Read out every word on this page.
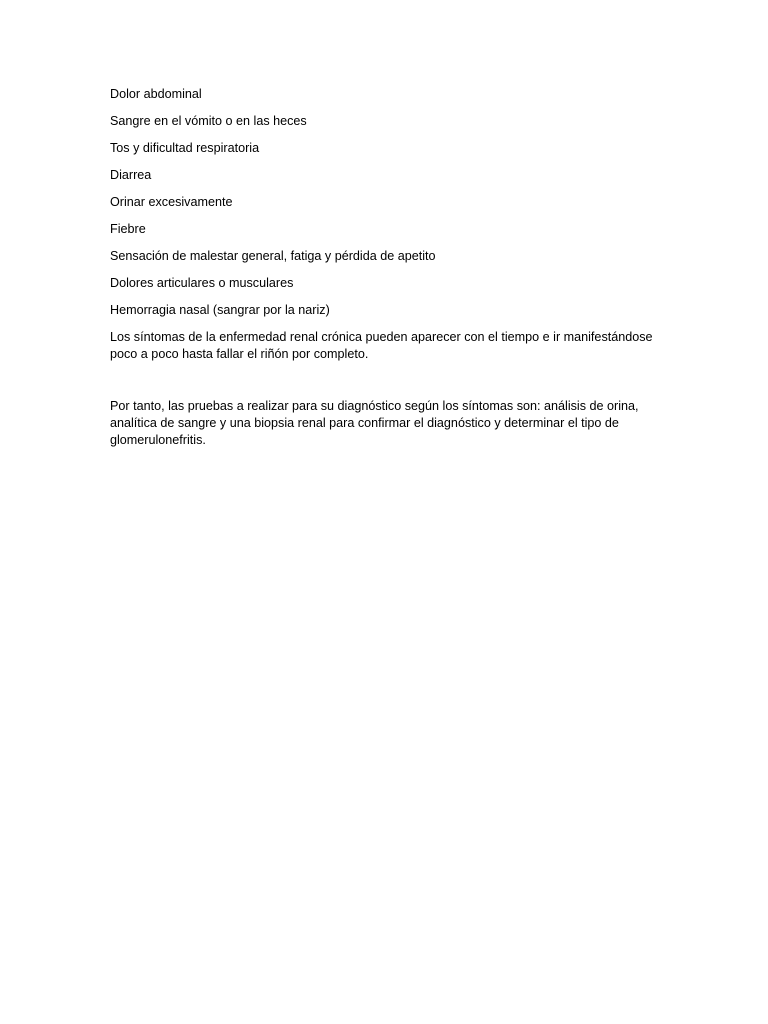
Dolor abdominal

Sangre en el vómito o en las heces

Tos y dificultad respiratoria

Diarrea

Orinar excesivamente

Fiebre

Sensación de malestar general, fatiga y pérdida de apetito

Dolores articulares o musculares

Hemorragia nasal (sangrar por la nariz)

Los síntomas de la enfermedad renal crónica pueden aparecer con el tiempo e ir manifestándose poco a poco hasta fallar el riñón por completo.

Por tanto, las pruebas a realizar para su diagnóstico según los síntomas son: análisis de orina, analítica de sangre y una biopsia renal para confirmar el diagnóstico y determinar el tipo de glomerulonefritis.
